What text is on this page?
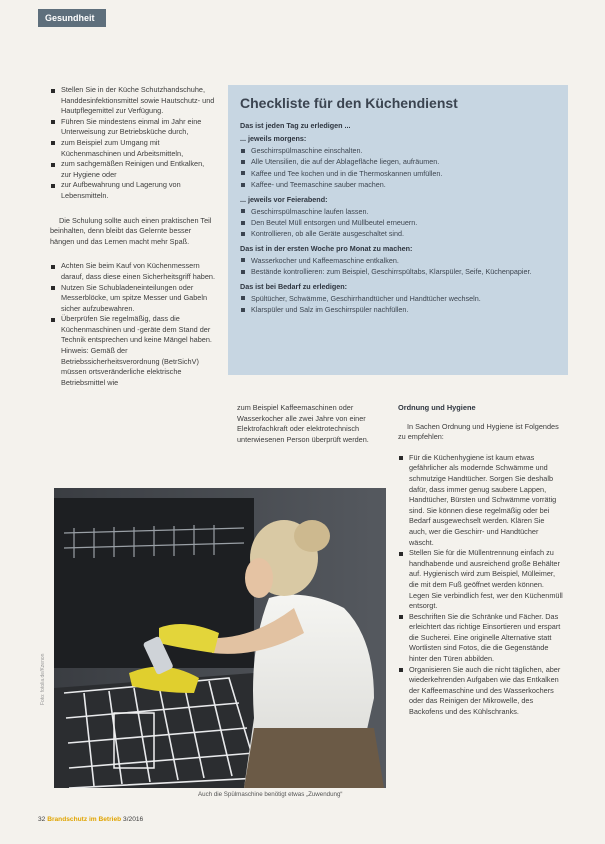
Gesundheit
Stellen Sie in der Küche Schutzhandschuhe, Handdesinfektionsmittel sowie Hautschutz- und Hautpflegemittel zur Verfügung.
Führen Sie mindestens einmal im Jahr eine Unterweisung zur Betriebsküche durch,
zum Beispiel zum Umgang mit Küchenmaschinen und Arbeitsmitteln,
zum sachgemäßen Reinigen und Entkalken, zur Hygiene oder
zur Aufbewahrung und Lagerung von Lebensmitteln.

Die Schulung sollte auch einen praktischen Teil beinhalten, denn bleibt das Gelernte besser hängen und das Lernen macht mehr Spaß.

Achten Sie beim Kauf von Küchenmessern darauf, dass diese einen Sicherheitsgriff haben.
Nutzen Sie Schubladeneinteilungen oder Messerblöcke, um spitze Messer und Gabeln sicher aufzubewahren.
Überprüfen Sie regelmäßig, dass die Küchenmaschinen und -geräte dem Stand der Technik entsprechen und keine Mängel haben. Hinweis: Gemäß der Betriebssicherheitsverordnung (BetrSichV) müssen ortsveränderliche elektrische Betriebsmittel wie
Checkliste für den Küchendienst
Das ist jeden Tag zu erledigen ...
... jeweils morgens:
Geschirrspülmaschine einschalten.
Alle Utensilien, die auf der Ablagefläche liegen, aufräumen.
Kaffee und Tee kochen und in die Thermoskannen umfüllen.
Kaffee- und Teemaschine sauber machen.
... jeweils vor Feierabend:
Geschirrspülmaschine laufen lassen.
Den Beutel Müll entsorgen und Müllbeutel erneuern.
Kontrollieren, ob alle Geräte ausgeschaltet sind.
Das ist in der ersten Woche pro Monat zu machen:
Wasserkocher und Kaffeemaschine entkalken.
Bestände kontrollieren: zum Beispiel, Geschirrspültabs, Klarspüler, Seife, Küchenpapier.
Das ist bei Bedarf zu erledigen:
Spültücher, Schwämme, Geschirrhandtücher und Handtücher wechseln.
Klarspüler und Salz im Geschirrspüler nachfüllen.

zum Beispiel Kaffeemaschinen oder Wasserkocher alle zwei Jahre von einer Elektrofachkraft oder elektrotechnisch unterwiesenen Person überprüft werden.

Ordnung und Hygiene

In Sachen Ordnung und Hygiene ist Folgendes zu empfehlen:

Für die Küchenhygiene ist kaum etwas gefährlicher als modernde Schwämme und schmutzige Handtücher. Sorgen Sie deshalb dafür, dass immer genug saubere Lappen, Handtücher, Bürsten und Schwämme vorrätig sind. Sie können diese regelmäßig oder bei Bedarf ausgewechselt werden. Klären Sie auch, wer die Geschirr- und Handtücher wäscht.
Stellen Sie für die Müllentrennung einfach zu handhabende und ausreichend große Behälter auf. Hygienisch wird zum Beispiel, Mülleimer, die mit dem Fuß geöffnet werden können. Legen Sie verbindlich fest, wer den Küchenmüll entsorgt.
Beschriften Sie die Schränke und Fächer. Das erleichtert das richtige Einsortieren und erspart die Sucherei. Eine originelle Alternative statt Wortlisten sind Fotos, die die Gegenstände hinter den Türen abbilden.
Organisieren Sie auch die nicht täglichen, aber wiederkehrenden Aufgaben wie das Entkalken der Kaffeemaschine und des Wasserkochers oder das Reinigen der Mikrowelle, des Backofens und des Kühlschranks.
Foto: fotolia.de/Kzenon
Auch die Spülmaschine benötigt etwas „Zuwendung“
32 Brandschutz im Betrieb 3/2016
